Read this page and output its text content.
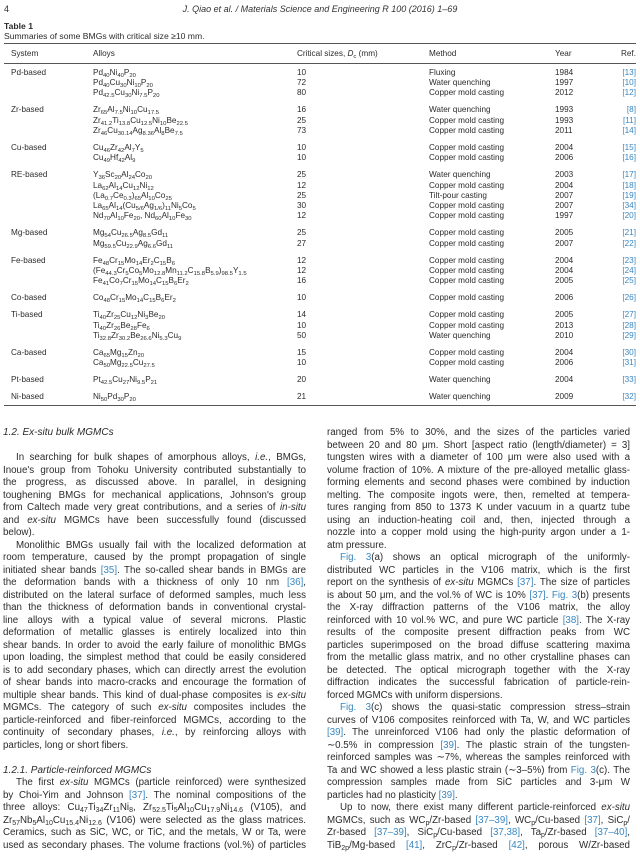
4	J. Qiao et al. / Materials Science and Engineering R 100 (2016) 1–69
Table 1
Summaries of some BMGs with critical size ≥10 mm.
System	Alloys	Critical sizes, $D_c$ (mm)	Method	Year	Ref.
Pd-based	$Pd_{40}Ni_{40}P_{20}$	10	Fluxing	1984	[13]
$Pd_{40}Cu_{30}Ni_{10}P_{20}$	72	Water quenching	1997	[10]
$Pd_{42.5}Cu_{30}Ni_{7.5}P_{20}$	80	Copper mold casting	2012	[12]
Zr-based	$Zr_{65}Al_{7.5}Ni_{10}Cu_{17.5}$	16	Water quenching	1993	[8]
$Zr_{41.2}Ti_{13.8}Cu_{12.5}Ni_{10}Be_{22.5}$	25	Copper mold casting	1993	[11]
$Zr_{46}Cu_{30.14}Ag_{8.36}Al_8Be_{7.5}$	73	Copper mold casting	2011	[14]
Cu-based	$Cu_{46}Zr_{42}Al_7Y_5$	10	Copper mold casting	2004	[15]
$Cu_{49}Hf_{42}Al_9$	10	Copper mold casting	2006	[16]
RE-based	$Y_{36}Sc_{20}Al_{24}Co_{20}$	25	Water quenching	2003	[17]
$La_{62}Al_{14}Cu_{12}Ni_{12}$	12	Copper mold casting	2004	[18]
$(La_{0.7}Ce_{0.3})_{65}Al_{10}Co_{25}$	25	Tilt-pour casting	2007	[19]
$La_{65}Al_{14}(Cu_{5/6}Ag_{1/6})_{11}Ni_5Co_5$	30	Copper mold casting	2007	[34]
$Nd_{70}Al_{10}Fe_{20}$, $Nd_{60}Al_{10}Fe_{30}$	12	Copper mold casting	1997	[20]
Mg-based	$Mg_{54}Cu_{26.5}Ag_{8.5}Gd_{11}$	25	Copper mold casting	2005	[21]
$Mg_{59.5}Cu_{22.9}Ag_{6.6}Gd_{11}$	27	Copper mold casting	2007	[22]
Fe-based	$Fe_{48}Cr_{15}Mo_{14}Er_2C_{15}B_6$	12	Copper mold casting	2004	[23]
$(Fe_{44.3}Cr_5Co_5Mo_{12.8}Mn_{11.2}C_{15.8}B_{5.9})_{98.5}Y_{1.5}$	12	Copper mold casting	2004	[24]
$Fe_{41}Co_7Cr_{15}Mo_{14}C_{15}B_6Er_2$	16	Copper mold casting	2005	[25]
Co-based	$Co_{48}Cr_{15}Mo_{14}C_{15}B_6Er_2$	10	Copper mold casting	2006	[26]
Ti-based	$Ti_{40}Zr_{25}Cu_{12}Ni_3Be_{20}$	14	Copper mold casting	2005	[27]
$Ti_{40}Zr_{26}Be_{28}Fe_6$	10	Copper mold casting	2013	[28]
$Ti_{32.8}Zr_{30.2}Be_{26.6}Ni_{5.3}Cu_9$	50	Water quenching	2010	[29]
Ca-based	$Ca_{65}Mg_{15}Zn_{20}$	15	Copper mold casting	2004	[30]
$Ca_{50}Mg_{22.5}Cu_{27.5}$	10	Copper mold casting	2006	[31]
Pt-based	$Pt_{42.5}Cu_{27}Ni_{9.5}P_{21}$	20	Water quenching	2004	[33]
Ni-based	$Ni_{50}Pd_{30}P_{20}$	21	Water quenching	2009	[32]
1.2. Ex-situ bulk MGMCs
In searching for bulk shapes of amorphous alloys, i.e., BMGs,
Inoue's group from Tohoku University contributed substantially to
the progress, as discussed above. In parallel, in designing
toughening BMGs for mechanical applications, Johnson's group
from Caltech made very great contributions, and a series of in-situ
and ex-situ MGMCs have been successfully found (discussed
below).
Monolithic BMGs usually fail with the localized deformation at
room temperature, caused by the prompt propagation of single
initiated shear bands [35]. The so-called shear bands in BMGs are
the deformation bands with a thickness of only 10 nm [36],
distributed on the lateral surface of deformed samples, much less
than the thickness of deformation bands in conventional crystal-
line alloys with a typical value of several microns. Plastic
deformation of metallic glasses is entirely localized into thin
shear bands. In order to avoid the early failure of monolithic BMGs
upon loading, the simplest method that could be easily considered
is to add secondary phases, which can directly arrest the evolution
of shear bands into macro-cracks and encourage the formation of
multiple shear bands. This kind of dual-phase composites is ex-situ
MGMCs. The category of such ex-situ composites includes the
particle-reinforced and fiber-reinforced MGMCs, according to the
continuity of secondary phases, i.e., by reinforcing alloys with
particles, long or short fibers.
1.2.1. Particle-reinforced MGMCs
The first ex-situ MGMCs (particle reinforced) were synthesized
by Choi-Yim and Johnson [37]. The nominal compositions of the
three alloys: $Cu_{47}Ti_{34}Zr_{11}Ni_8$, $Zr_{52.5}Ti_5Al_{10}Cu_{17.9}Ni_{14.6}$ (V105), and
$Zr_{57}Nb_5Al_{10}Cu_{15.4}Ni_{12.6}$ (V106) were selected as the glass matrices.
Ceramics, such as SiC, WC, or TiC, and the metals, W or Ta, were
used as secondary phases. The volume fractions (vol.%) of particles
ranged from 5% to 30%, and the sizes of the particles varied
between 20 and 80 μm. Short [aspect ratio (length/diameter) = 3]
tungsten wires with a diameter of 100 μm were also used with a
volume fraction of 10%. A mixture of the pre-alloyed metallic glass-
forming elements and second phases were combined by induction
melting. The composite ingots were, then, remelted at tempera-
tures ranging from 850 to 1373 K under vacuum in a quartz tube
using an induction-heating coil and, then, injected through a
nozzle into a copper mold using the high-purity argon under a 1-
atm pressure.
Fig. 3(a) shows an optical micrograph of the uniformly-
distributed WC particles in the V106 matrix, which is the first
report on the synthesis of ex-situ MGMCs [37]. The size of particles
is about 50 μm, and the vol.% of WC is 10% [37]. Fig. 3(b) presents
the X-ray diffraction patterns of the V106 matrix, the alloy
reinforced with 10 vol.% WC, and pure WC particle [38]. The X-ray
results of the composite present diffraction peaks from WC
particles superimposed on the broad diffuse scattering maxima
from the metallic glass matrix, and no other crystalline phases can
be detected. The optical micrograph together with the X-ray
diffraction indicates the successful fabrication of particle-rein-
forced MGMCs with uniform dispersions.
Fig. 3(c) shows the quasi-static compression stress–strain
curves of V106 composites reinforced with Ta, W, and WC particles
[39]. The unreinforced V106 had only the plastic deformation of
∼0.5% in compression [39]. The plastic strain of the tungsten-
reinforced samples was ∼7%, whereas the samples reinforced with
Ta and WC showed a less plastic strain (∼3–5%) from Fig. 3(c). The
compression samples made from SiC particles and 3-μm W
particles had no plasticity [39].
Up to now, there exist many different particle-reinforced ex-situ
MGMCs, such as $WC_p/Zr$-based [37–39], $WC_p/Cu$-based [37], SiC$_p$/
Zr-based [37–39], SiC$_p$/Cu-based [37,38], $Ta_p/Zr$-based [37–40],
TiB$_{2p}$/Mg-based [41], ZrC$_p$/Zr-based [42], porous W/Zr-based
